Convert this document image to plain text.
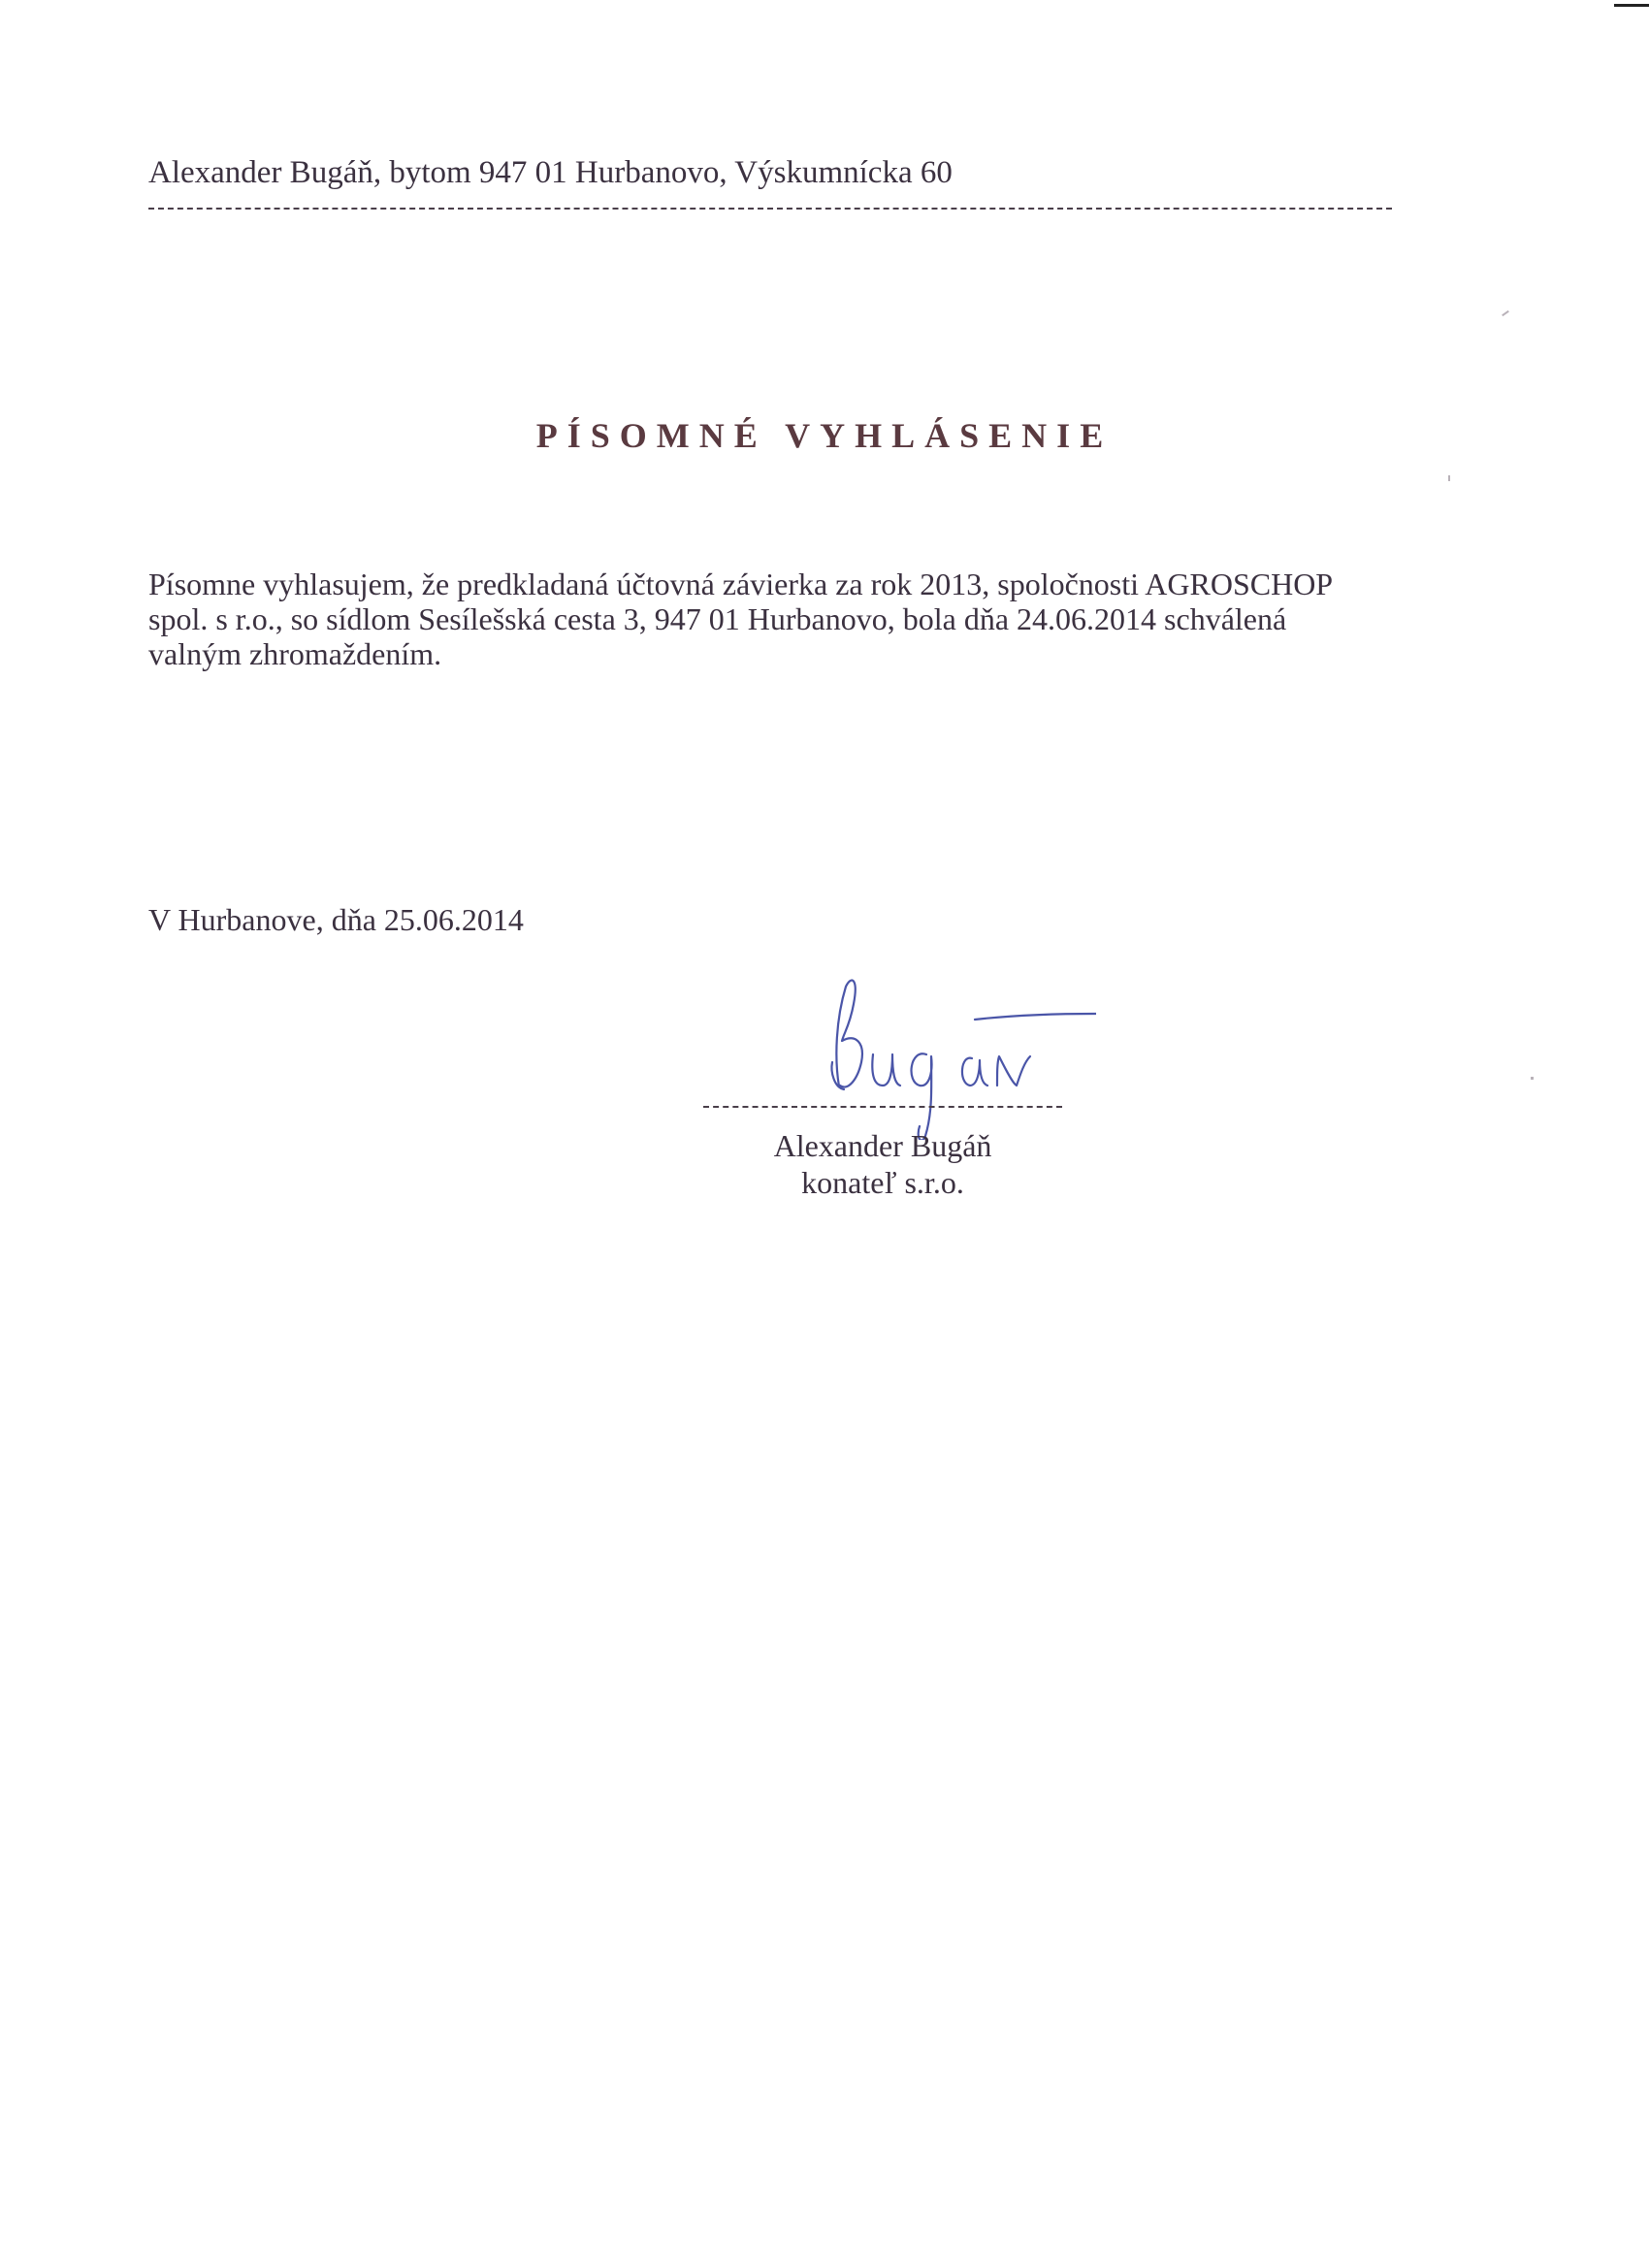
Alexander Bugáň, bytom 947 01 Hurbanovo, Výskumnícka 60
PÍSOMNÉ VYHLÁSENIE
Písomne vyhlasujem, že predkladaná účtovná závierka za rok 2013, spoločnosti AGROSCHOP
spol. s r.o., so sídlom Sesílešská cesta 3, 947 01 Hurbanovo, bola dňa 24.06.2014 schválená
valným zhromaždením.
V Hurbanove, dňa 25.06.2014
Alexander Bugáň
konateľ s.r.o.
